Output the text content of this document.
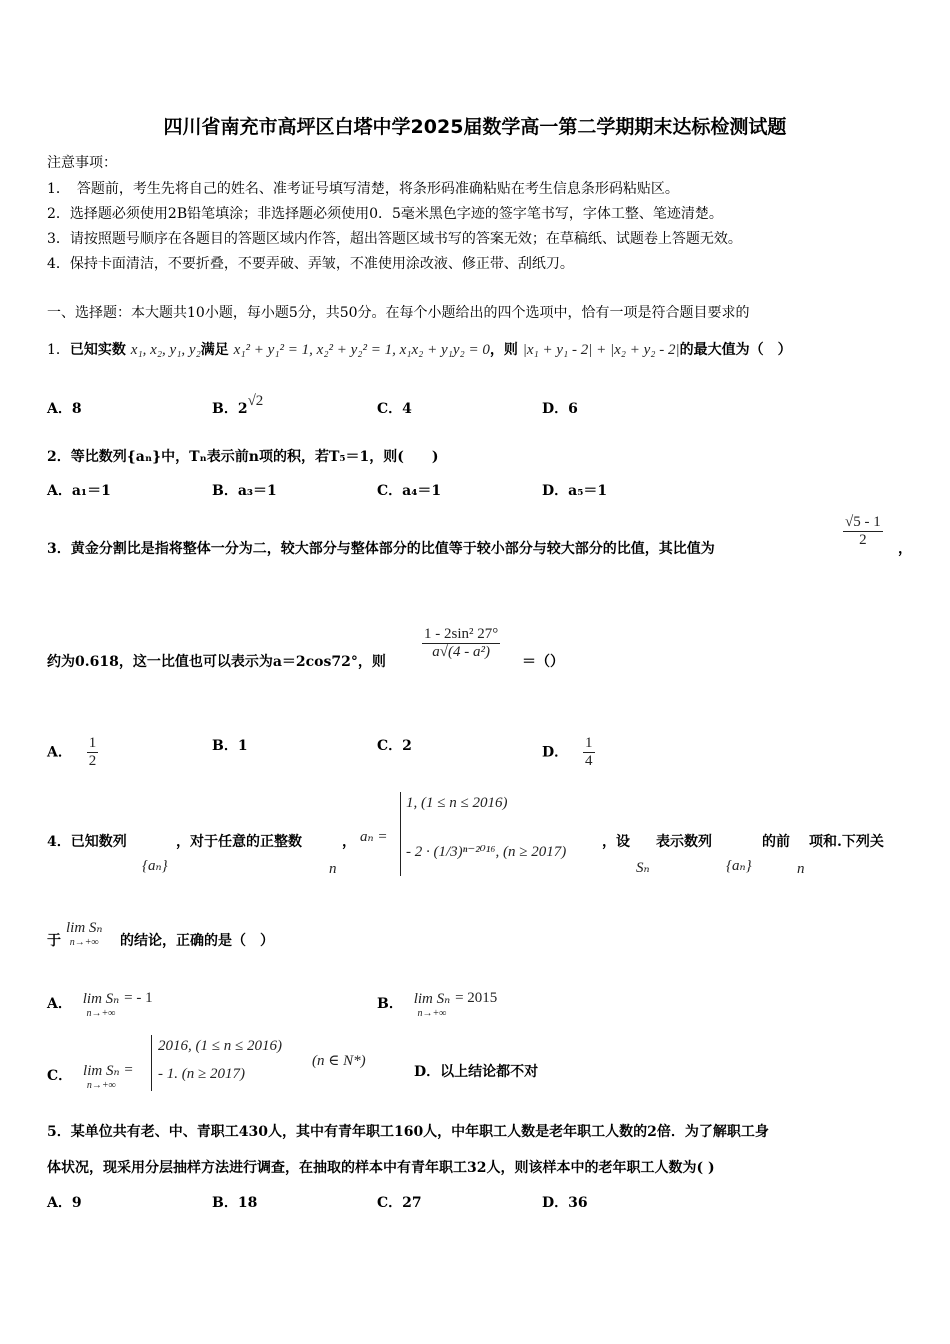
四川省南充市高坪区白塔中学2025届数学高一第二学期期末达标检测试题
注意事项：
1．　答题前，考生先将自己的姓名、准考证号填写清楚，将条形码准确粘贴在考生信息条形码粘贴区。
2．选择题必须使用2B铅笔填涂；非选择题必须使用0．5毫米黑色字迹的签字笔书写，字体工整、笔迹清楚。
3．请按照题号顺序在各题目的答题区域内作答，超出答题区域书写的答案无效；在草稿纸、试题卷上答题无效。
4．保持卡面清洁，不要折叠，不要弄破、弄皱，不准使用涂改液、修正带、刮纸刀。
一、选择题：本大题共10小题，每小题5分，共50分。在每个小题给出的四个选项中，恰有一项是符合题目要求的
1．已知实数 x₁, x₂, y₁, y₂满足 x₁² + y₁² = 1, x₂² + y₂² = 1, x₁x₂ + y₁y₂ = 0，则 |x₁ + y₁ - 2| + |x₂ + y₂ - 2|的最大值为（　）
A．8	B．2√2	C．4	D．6
2．等比数列{aₙ}中，Tₙ表示前n项的积，若T₅＝1，则(　　)
A．a₁＝1	B．a₃＝1	C．a₄＝1	D．a₅＝1
3．黄金分割比是指将整体一分为二，较大部分与整体部分的比值等于较小部分与较大部分的比值，其比值为	$\frac{√5 - 1}{2}$ ，
约为0.618，这一比值也可以表示为a＝2cos72°，则
$\frac{\text{1 - 2sin² 27°}}{\text{a√(4 - a²)}}$
＝（）
A． $\frac{1}{2}$	B．1	C．2	D． $\frac{1}{4}$
4．已知数列
{aₙ}
，对于任意的正整数
n
， aₙ =
1, (1 ≤ n ≤ 2016)
- 2 · (1/3)ⁿ⁻²⁰¹⁶, (n ≥ 2017)
，设
Sₙ
表示数列
{aₙ}
的前
n
项和.下列关
于
lim Sₙ
n→+∞ 的结论，正确的是（　）
A． lim Sₙ
n→+∞
= - 1	B． lim Sₙ
n→+∞
= 2015
C． lim Sₙ
n→+∞
=
2016, (1 ≤ n ≤ 2016)
- 1. (n ≥ 2017)
(n ∈ N*)
D．以上结论都不对
5．某单位共有老、中、青职工430人，其中有青年职工160人，中年职工人数是老年职工人数的2倍．为了解职工身
体状况，现采用分层抽样方法进行调查，在抽取的样本中有青年职工32人，则该样本中的老年职工人数为( )
A．9	B．18	C．27	D．36
